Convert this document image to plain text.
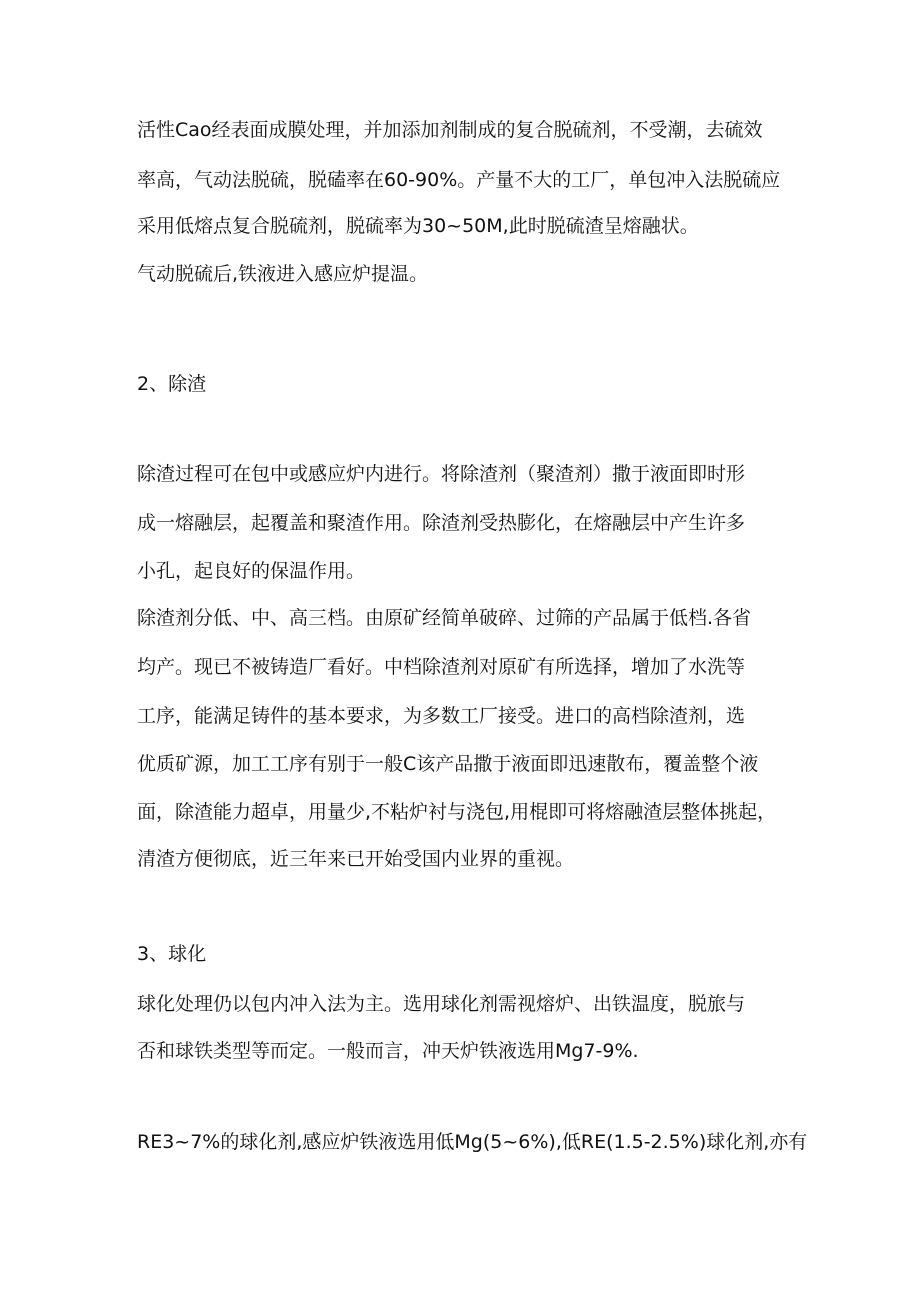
活性Cao经表面成膜处理，并加添加剂制成的复合脱硫剂，不受潮，去硫效

率高，气动法脱硫，脱磕率在60-90%。产量不大的工厂，单包冲入法脱硫应

采用低熔点复合脱硫剂，脱硫率为30~50M,此时脱硫渣呈熔融状。

气动脱硫后,铁液进入感应炉提温。

2、除渣

除渣过程可在包中或感应炉内进行。将除渣剂（聚渣剂）撒于液面即时形

成一熔融层，起覆盖和聚渣作用。除渣剂受热膨化，在熔融层中产生许多

小孔，起良好的保温作用。

除渣剂分低、中、高三档。由原矿经简单破碎、过筛的产品属于低档.各省

均产。现已不被铸造厂看好。中档除渣剂对原矿有所选择，增加了水洗等

工序，能满足铸件的基本要求，为多数工厂接受。进口的高档除渣剂，选

优质矿源，加工工序有别于一般C该产品撒于液面即迅速散布，覆盖整个液

面，除渣能力超卓，用量少,不粘炉衬与浇包,用棍即可将熔融渣层整体挑起，

清渣方便彻底，近三年来已开始受国内业界的重视。

3、球化

球化处理仍以包内冲入法为主。选用球化剂需视熔炉、出铁温度，脱旅与

否和球铁类型等而定。一般而言，冲天炉铁液选用Mg7-9%.

RE3~7%的球化剂,感应炉铁液选用低Mg(5~6%),低RE(1.5-2.5%)球化剂,亦有
